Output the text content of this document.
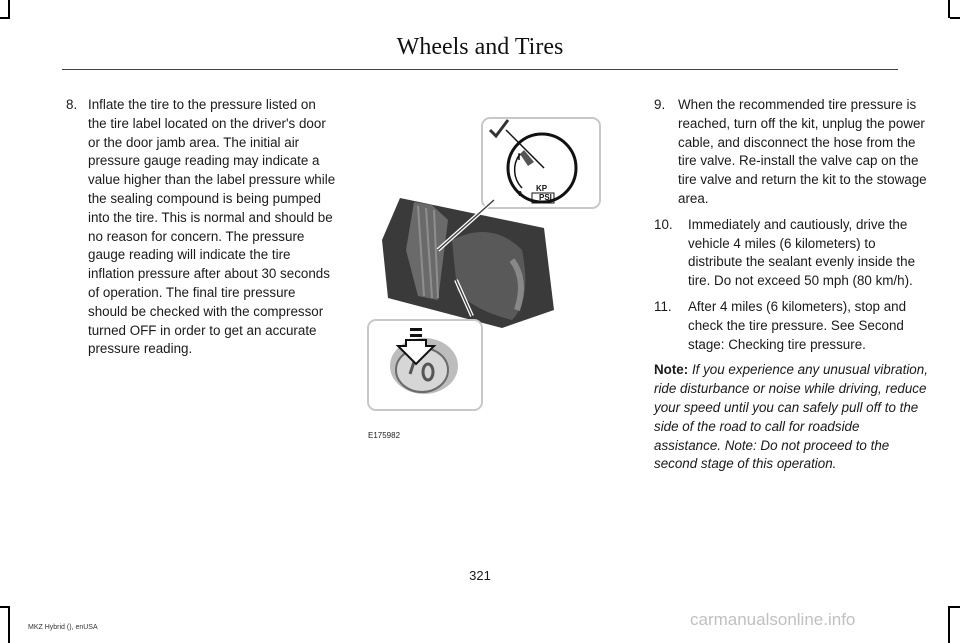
Wheels and Tires
8. Inflate the tire to the pressure listed on the tire label located on the driver's door or the door jamb area. The initial air pressure gauge reading may indicate a value higher than the label pressure while the sealing compound is being pumped into the tire. This is normal and should be no reason for concern. The pressure gauge reading will indicate the tire inflation pressure after about 30 seconds of operation. The final tire pressure should be checked with the compressor turned OFF in order to get an accurate pressure reading.
0
KP
PSI
E175982
9. When the recommended tire pressure is reached, turn off the kit, unplug the power cable, and disconnect the hose from the tire valve. Re-install the valve cap on the tire valve and return the kit to the stowage area.
10.	Immediately and cautiously, drive the vehicle 4 miles (6 kilometers) to distribute the sealant evenly inside the tire. Do not exceed 50 mph (80 km/h).
11.	After 4 miles (6 kilometers), stop and check the tire pressure. See Second stage: Checking tire pressure.
Note: If you experience any unusual vibration, ride disturbance or noise while driving, reduce your speed until you can safely pull off to the side of the road to call for roadside assistance. Note: Do not proceed to the second stage of this operation.
321
MKZ Hybrid (), enUSA	carmanualsonline.info
